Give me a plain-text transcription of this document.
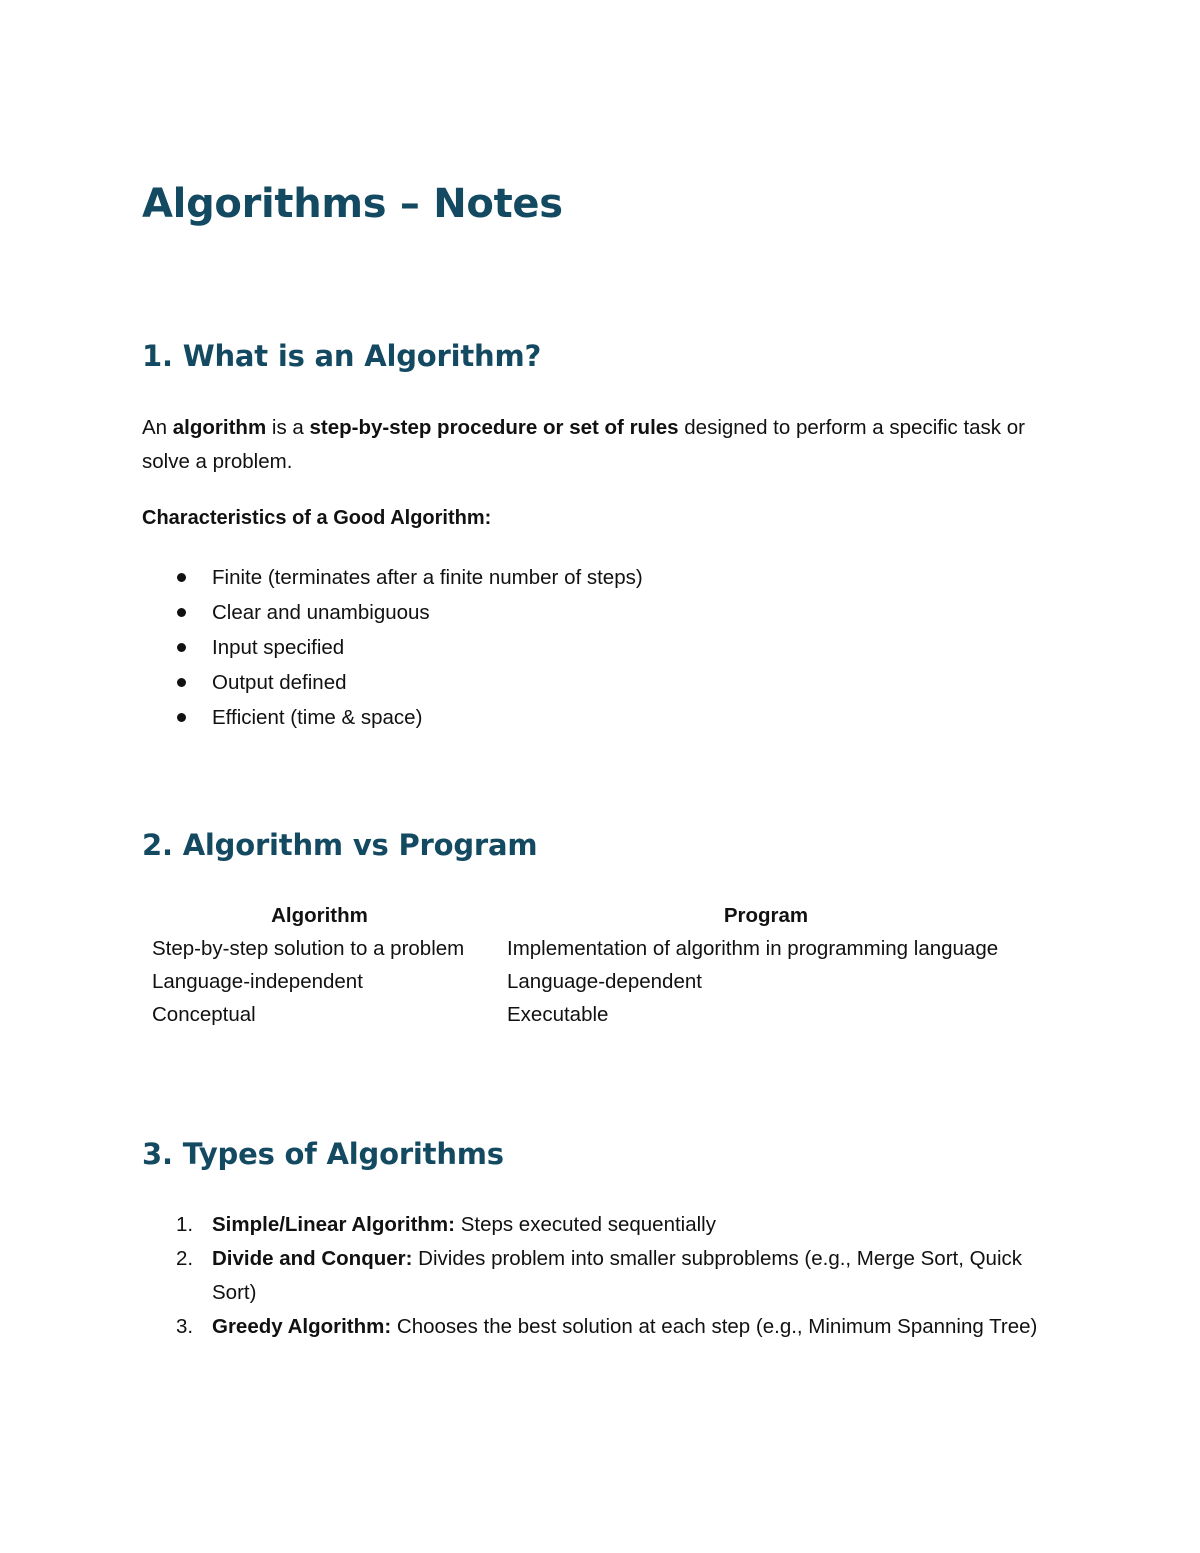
Algorithms – Notes
1. What is an Algorithm?

An algorithm is a step-by-step procedure or set of rules designed to perform a specific task or solve a problem.

Characteristics of a Good Algorithm:

Finite (terminates after a finite number of steps)
Clear and unambiguous
Input specified
Output defined
Efficient (time & space)
2. Algorithm vs Program
Algorithm	Program
Step-by-step solution to a problem	Implementation of algorithm in programming language
Language-independent	Language-dependent
Conceptual	Executable
3. Types of Algorithms
1. Simple/Linear Algorithm: Steps executed sequentially
2. Divide and Conquer: Divides problem into smaller subproblems (e.g., Merge Sort, Quick Sort)
3. Greedy Algorithm: Chooses the best solution at each step (e.g., Minimum Spanning Tree)
